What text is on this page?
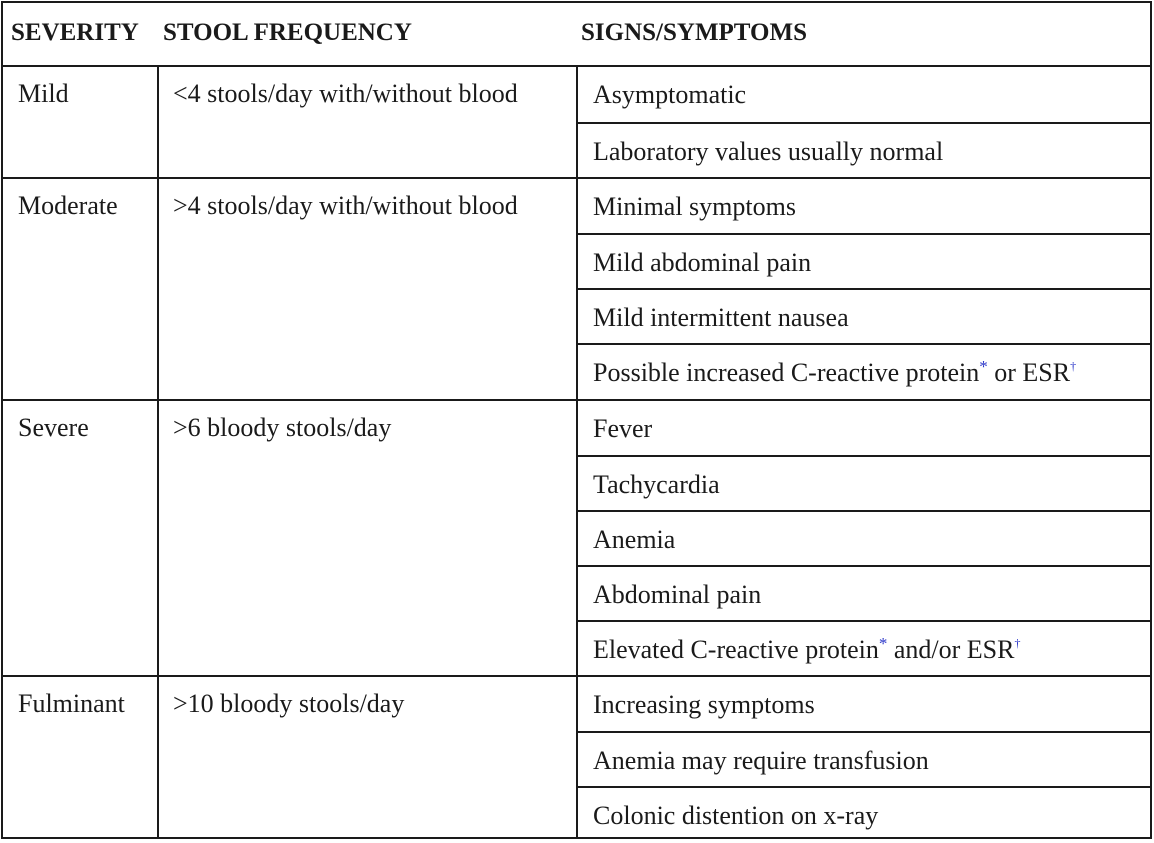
SEVERITY STOOL FREQUENCY	SIGNS/SYMPTOMS
Mild	<4 stools/day with/without blood	Asymptomatic
Laboratory values usually normal
Moderate >4 stools/day with/without blood	Minimal symptoms
Mild abdominal pain
Mild intermittent nausea
Possible increased C-reactive protein* or ESR†
Severe	>6 bloody stools/day	Fever
Tachycardia
Anemia
Abdominal pain
Elevated C-reactive protein* and/or ESR†
Fulminant >10 bloody stools/day	Increasing symptoms
Anemia may require transfusion
Colonic distention on x-ray
